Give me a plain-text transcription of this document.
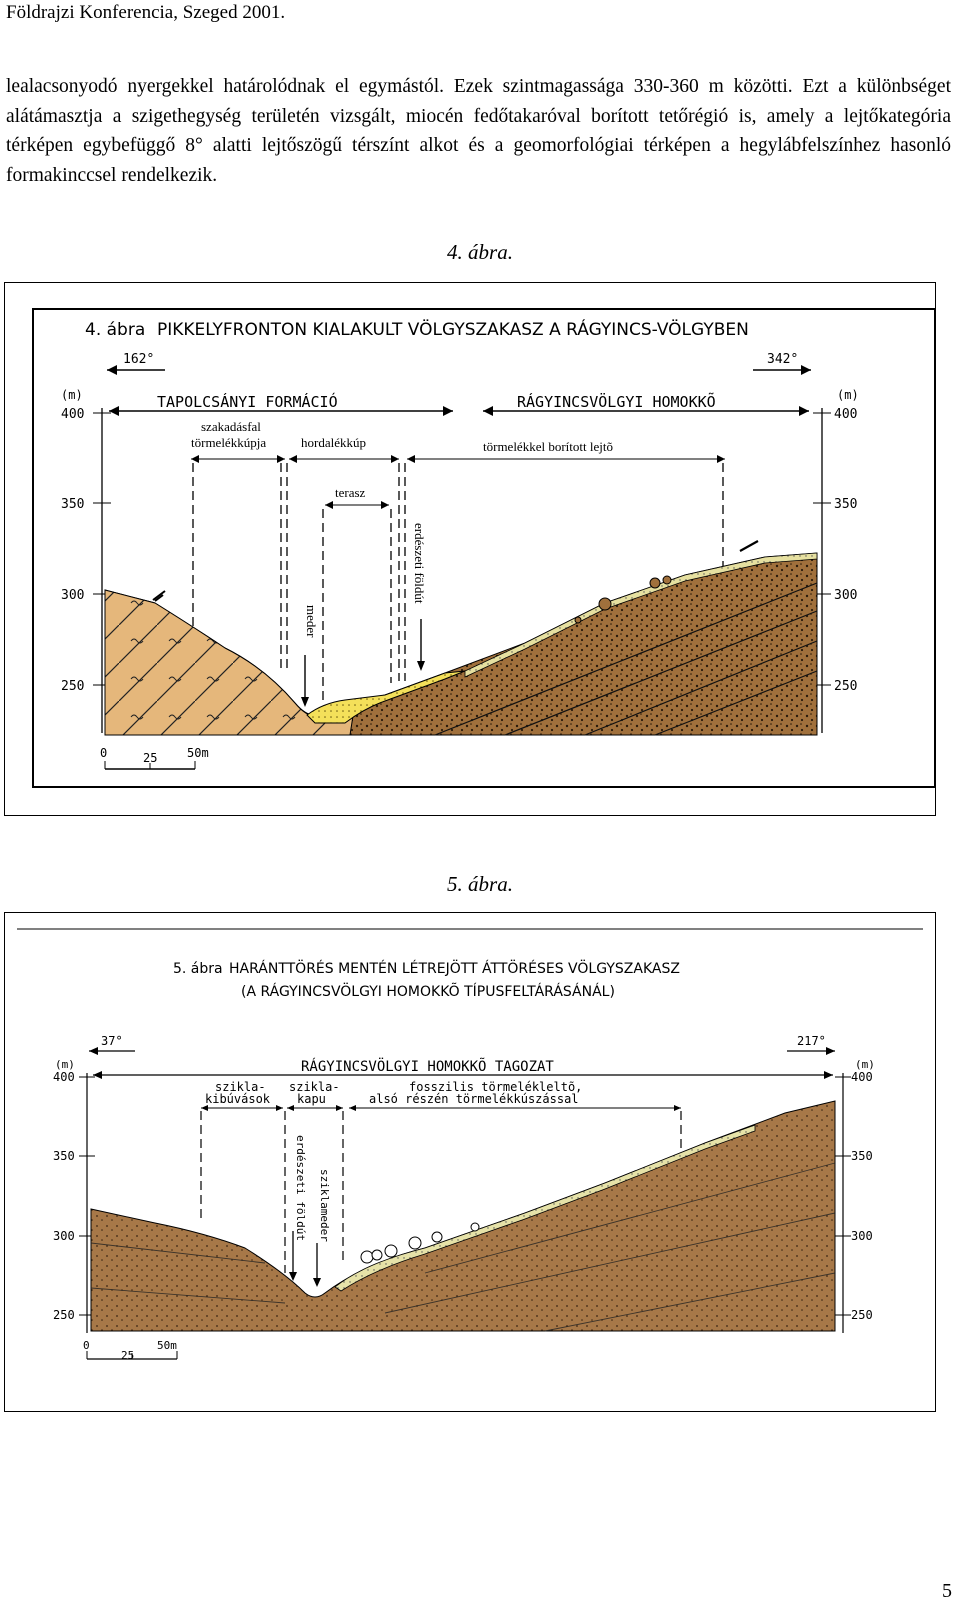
Földrajzi Konferencia, Szeged 2001.
lealacsonyodó nyergekkel határolódnak el egymástól. Ezek szintmagassága 330-360 m közötti. Ezt a különbséget alátámasztja a szigethegység területén vizsgált, miocén fedőtakaróval borított tetőrégió is, amely a lejtőkategória térképen egybefüggő 8° alatti lejtőszögű térszínt alkot és a geomorfológiai térképen a hegylábfelszínhez hasonló formakinccsel rendelkezik.
4. ábra.
4. ábra PIKKELYFRONTON KIALAKULT VÖLGYSZAKASZ A RÁGYINCS-VÖLGYBEN
162°	342°
(m)	(m)
400
350
300
250
400
350
300
250
TAPOLCSÁNYI FORMÁCIÓ	RÁGYINCSVÖLGYI HOMOKKÕ
szakadásfal
törmelékkúpja	hordalékkúp	törmelékkel borított lejtõ
terasz
meder
erdészeti földút
0	25 50m
5. ábra.
5. ábra HARÁNTTÖRÉS MENTÉN LÉTREJÖTT ÁTTÖRÉSES VÖLGYSZAKASZ
(A RÁGYINCSVÖLGYI HOMOKKÕ TÍPUSFELTÁRÁSÁNÁL)
37°	217°
(m)	(m)
400
350
300
250
400
350
300
250
RÁGYINCSVÖLGYI HOMOKKÕ TAGOZAT
szikla-
kibúvások
szikla-
kapu
fosszilis törmelékleltõ,
alsó részén törmelékkúszással
erdészeti földút sziklameder
0
25
50m
5
